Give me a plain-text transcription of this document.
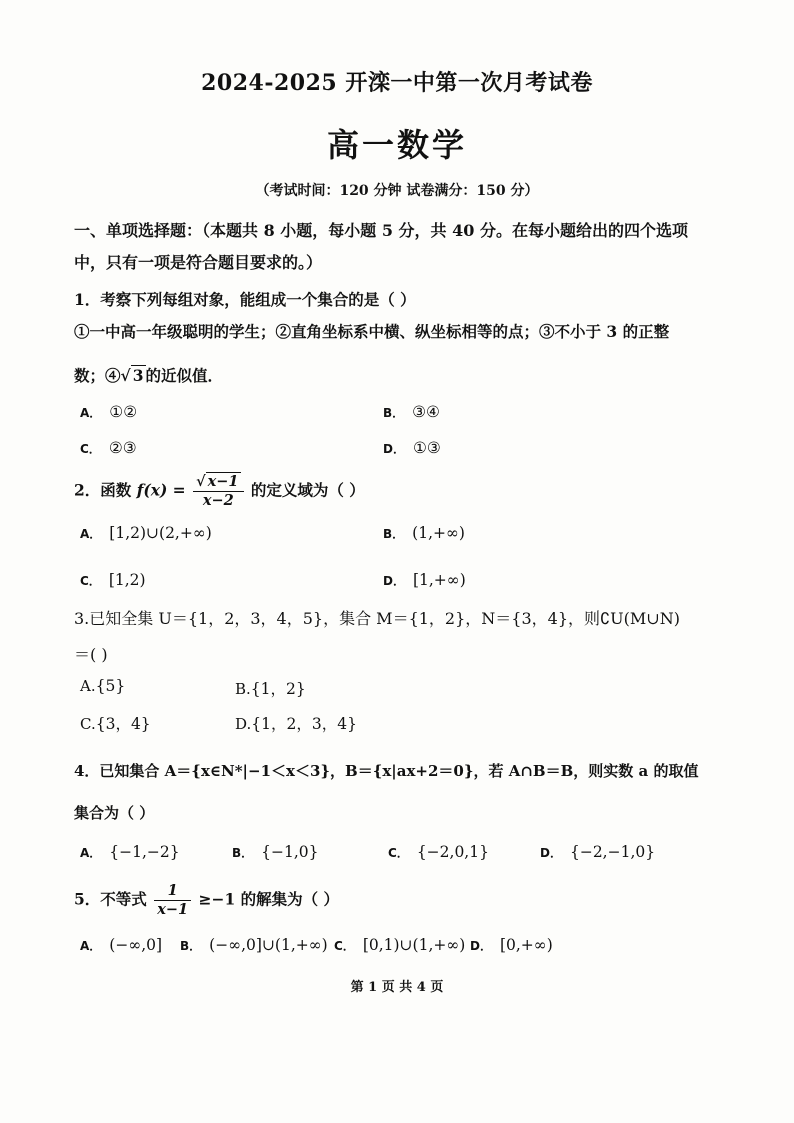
2024-2025 开滦一中第一次月考试卷
高一数学
（考试时间：120 分钟 试卷满分：150 分）
一、单项选择题：（本题共 8 小题，每小题 5 分，共 40 分。在每小题给出的四个选项中，只有一项是符合题目要求的。）
1．考察下列每组对象，能组成一个集合的是（ ）
①一中高一年级聪明的学生；②直角坐标系中横、纵坐标相等的点；③不小于 3 的正整
数；④√ 3 的近似值．
A． ①②	B． ③④
C． ②③	D． ①③
2．函数 $f(x) = \frac{√ x-1}{x-2}$ 的定义域为（ ）
A． [1,2)∪(2,+∞)	B． (1,+∞)
C． [1,2)	D． [1,+∞)
3.已知全集 U＝{1，2，3，4，5}，集合 M＝{1，2}，N＝{3，4}，则∁U(M∪N)
＝( )
A.{5}	B.{1，2}
C.{3，4}	D.{1，2，3，4}
4．已知集合 A＝{x∈N*|−1＜x＜3}，B＝{x|ax+2＝0}，若 A∩B＝B，则实数 a 的取值
集合为（ ）
A． {−1,−2}	B． {−1,0}	C． {−2,0,1}	D． {−2,−1,0}
5．不等式 $\frac{1}{x-1} \ge-1$ 的解集为（ ）
A． (−∞,0] B． (−∞,0]∪(1,+∞) C． [0,1)∪(1,+∞) D． [0,+∞)
第 1 页 共 4 页
